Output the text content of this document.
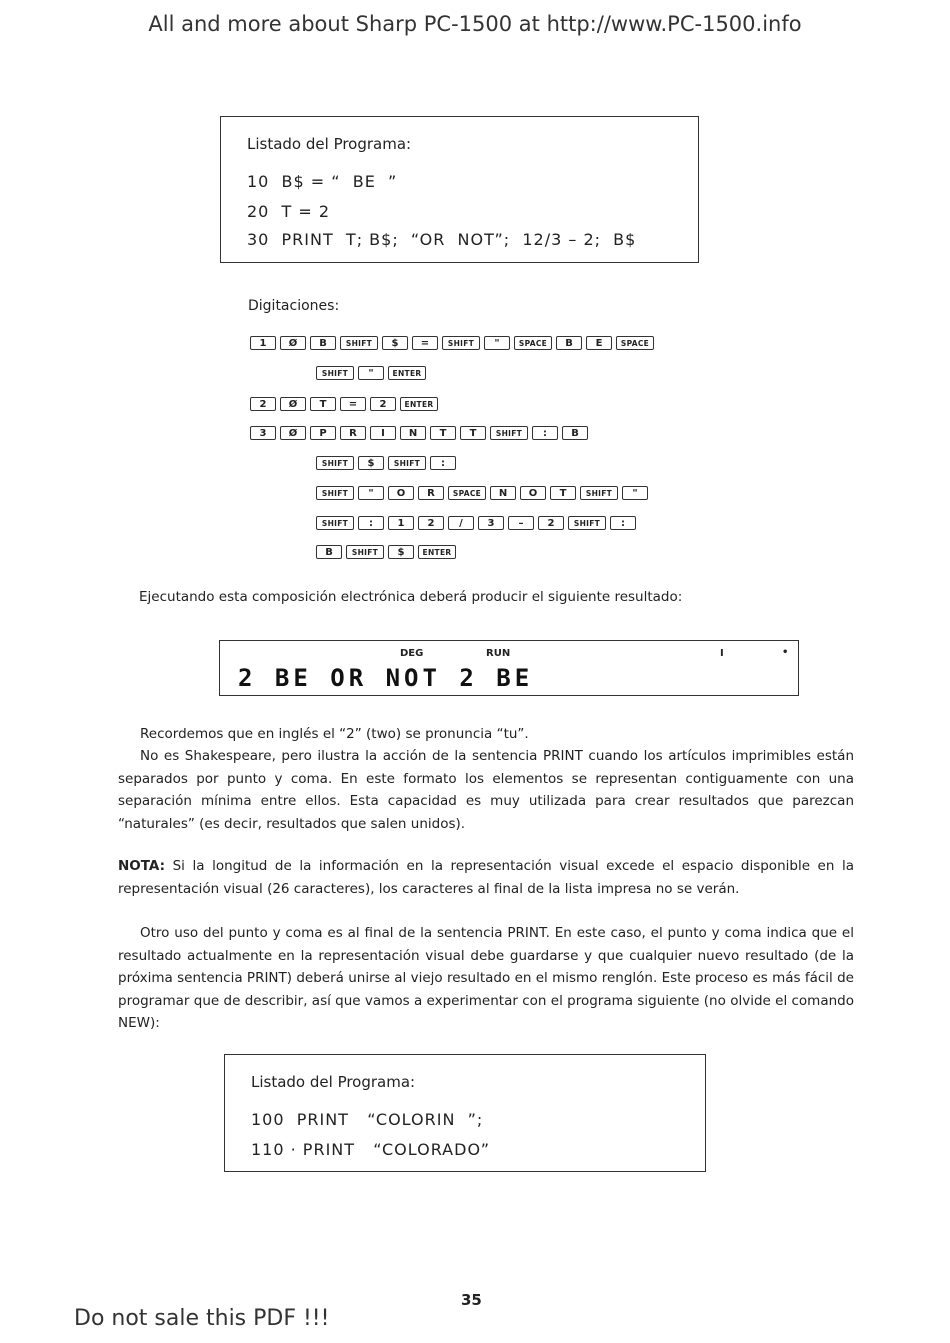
All and more about Sharp PC-1500 at http://www.PC-1500.info
Listado del Programa:
10  B$ = “  BE  ”
20  T = 2
30  PRINT  T; B$;  “OR  NOT”;  12/3 – 2;  B$
Digitaciones:
1	Ø	B	SHIFT	$	=	SHIFT	"	SPACE	B	E	SPACE
SHIFT	"	ENTER
2	Ø	T	=	2	ENTER
3	Ø	P	R	I	N	T	T	SHIFT	:	B
SHIFT	$	SHIFT	:
SHIFT	"	O	R	SPACE	N	O	T	SHIFT	"
SHIFT	:	1	2	/	3	–	2	SHIFT	:
B	SHIFT	$	ENTER
Ejecutando esta composición electrónica deberá producir el siguiente resultado:
DEG	RUN	I	•
2 BE OR NOT 2 BE
Recordemos que en inglés el “2” (two) se pronuncia “tu”.
No es Shakespeare, pero ilustra la acción de la sentencia PRINT cuando los artículos imprimibles están separados por punto y coma. En este formato los elementos se representan contiguamente con una separación mínima entre ellos. Esta capacidad es muy utilizada para crear resultados que parezcan “naturales” (es decir, resultados que salen unidos).
NOTA: Si la longitud de la información en la representación visual excede el espacio disponible en la representación visual (26 caracteres), los caracteres al final de la lista impresa no se verán.
Otro uso del punto y coma es al final de la sentencia PRINT. En este caso, el punto y coma indica que el resultado actualmente en la representación visual debe guardarse y que cualquier nuevo resultado (de la próxima sentencia PRINT) deberá unirse al viejo resultado en el mismo renglón. Este proceso es más fácil de programar que de describir, así que vamos a experimentar con el programa siguiente (no olvide el comando NEW):
Listado del Programa:
100  PRINT   “COLORIN  ”;
110 · PRINT   “COLORADO”
35
Do not sale this PDF !!!
